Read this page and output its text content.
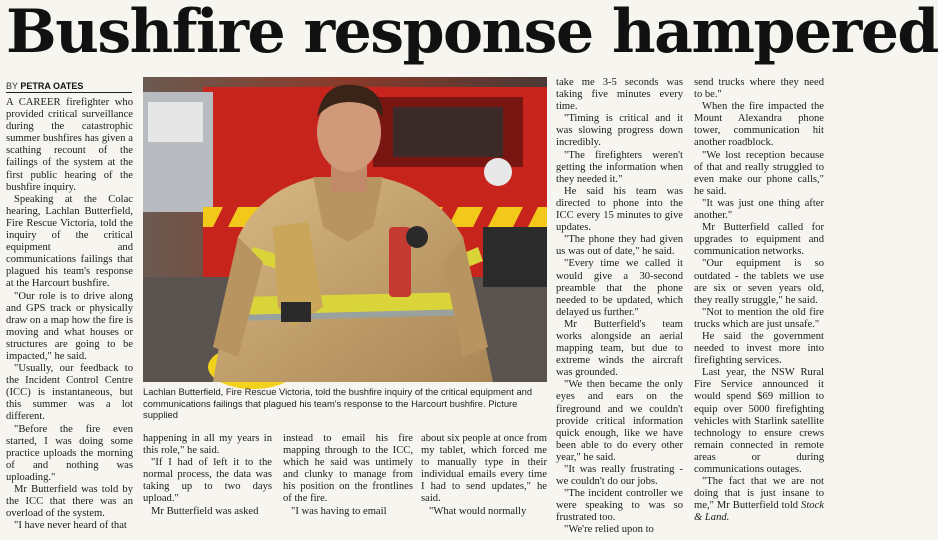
Bushfire response hampered
BY PETRA OATES

A CAREER firefighter who provided critical surveillance during the catastrophic summer bushfires has given a scathing recount of the failings of the system at the first public hearing of the bushfire inquiry.

Speaking at the Colac hearing, Lachlan Butterfield, Fire Rescue Victoria, told the inquiry of the critical equipment and communications failings that plagued his team's response at the Harcourt bushfire.

"Our role is to drive along and GPS track or physically draw on a map how the fire is moving and what houses or structures are going to be impacted," he said.

"Usually, our feedback to the Incident Control Centre (ICC) is instantaneous, but this summer was a lot different.

"Before the fire even started, I was doing some practice uploads the morning of and nothing was uploading."

Mr Butterfield was told by the ICC that there was an overload of the system.

"I have never heard of that

Lachlan Butterfield, Fire Rescue Victoria, told the bushfire inquiry of the critical equipment and communications failings that plagued his team's response to the Harcourt bushfire. Picture supplied

happening in all my years in this role," he said.

"If I had of left it to the normal process, the data was taking up to two days upload."

Mr Butterfield was asked

instead to email his fire mapping through to the ICC, which he said was untimely and clunky to manage from his position on the frontlines of the fire.

"I was having to email

about six people at once from my tablet, which forced me to manually type in their individual emails every time I had to send updates," he said.

"What would normally

take me 3-5 seconds was taking five minutes every time.

"Timing is critical and it was slowing progress down incredibly.

"The firefighters weren't getting the information when they needed it."

He said his team was directed to phone into the ICC every 15 minutes to give updates.

"The phone they had given us was out of date," he said.

"Every time we called it would give a 30-second preamble that the phone needed to be updated, which delayed us further."

Mr Butterfield's team works alongside an aerial mapping team, but due to extreme winds the aircraft was grounded.

"We then became the only eyes and ears on the fireground and we couldn't provide critical information quick enough, like we have been able to do every other year," he said.

"It was really frustrating - we couldn't do our jobs.

"The incident controller we were speaking to was so frustrated too.

"We're relied upon to

send trucks where they need to be."

When the fire impacted the Mount Alexandra phone tower, communication hit another roadblock.

"We lost reception because of that and really struggled to even make our phone calls," he said.

"It was just one thing after another."

Mr Butterfield called for upgrades to equipment and communication networks.

"Our equipment is so outdated - the tablets we use are six or seven years old, they really struggle," he said.

"Not to mention the old fire trucks which are just unsafe."

He said the government needed to invest more into firefighting services.

Last year, the NSW Rural Fire Service announced it would spend $69 million to equip over 5000 firefighting vehicles with Starlink satellite technology to ensure crews remain connected in remote areas or during communications outages.

"The fact that we are not doing that is just insane to me," Mr Butterfield told Stock & Land.
